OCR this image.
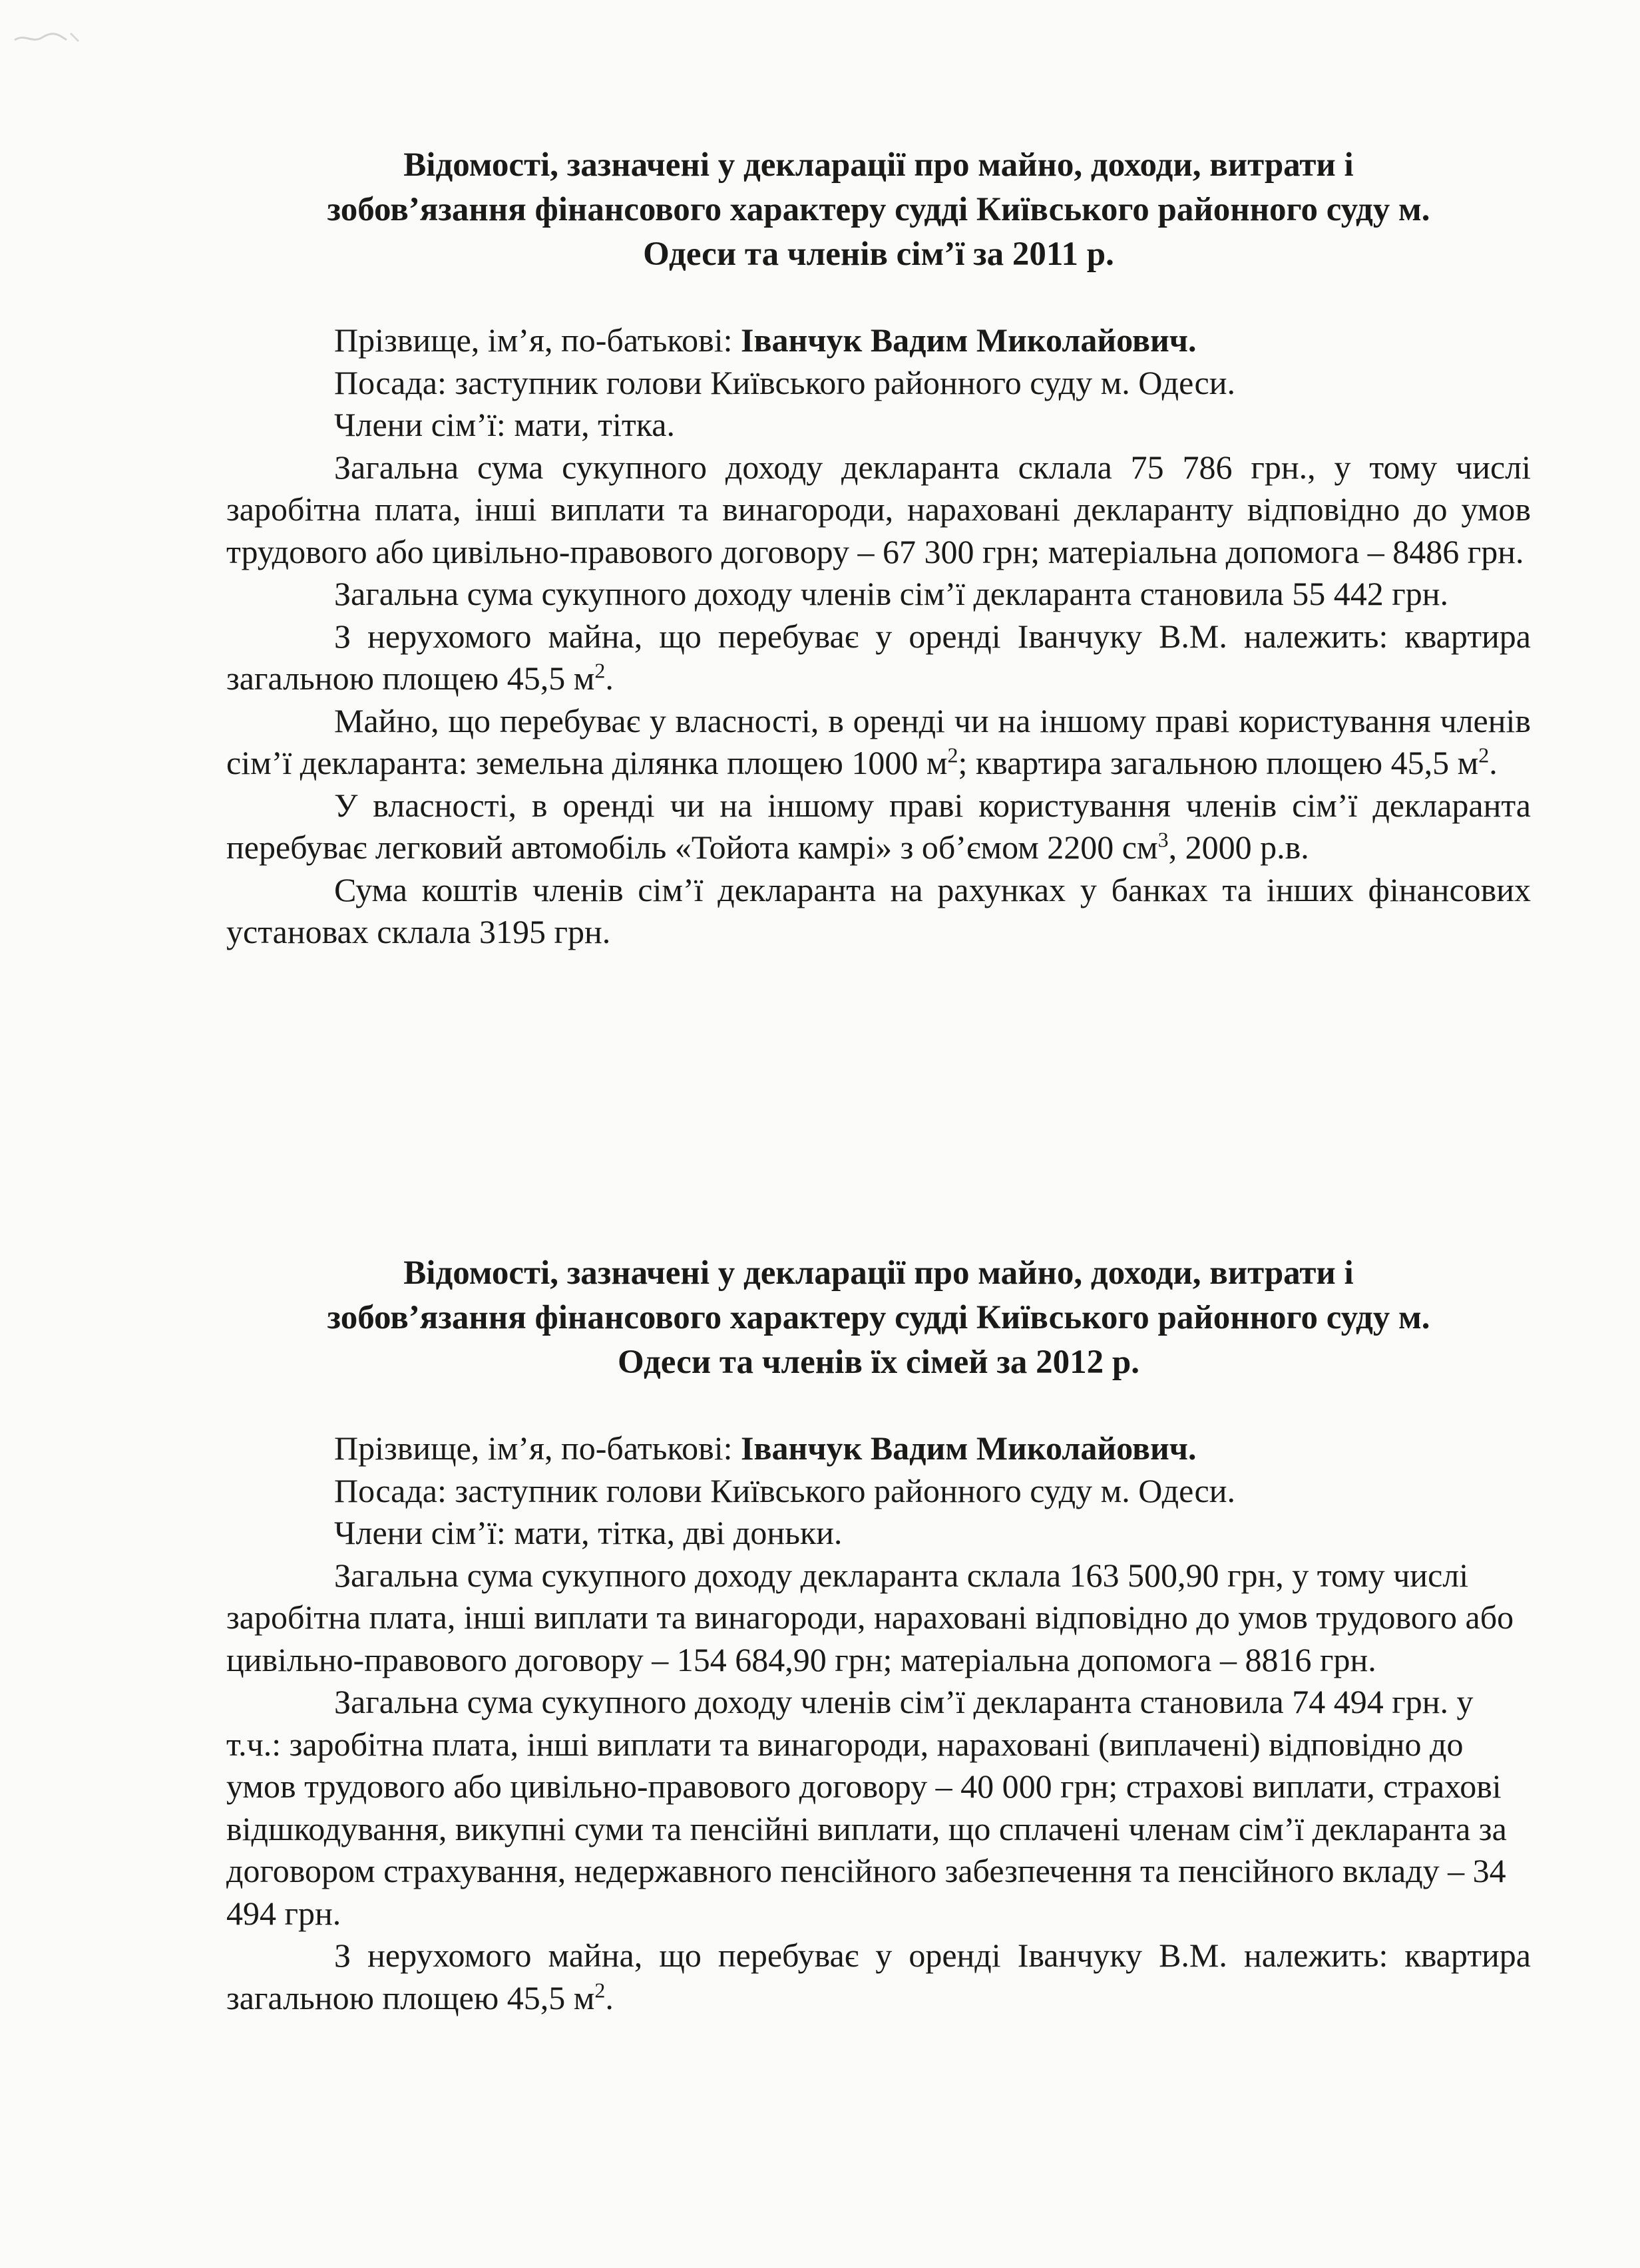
Відомості, зазначені у декларації про майно, доходи, витрати і
зобов’язання фінансового характеру судді Київського районного суду м.
Одеси та членів сім’ї за 2011 р.

Прізвище, ім’я, по-батькові: Іванчук Вадим Миколайович.

Посада: заступник голови Київського районного суду м. Одеси.

Члени сім’ї: мати, тітка.

Загальна сума сукупного доходу декларанта склала 75 786 грн., у тому числі заробітна плата, інші виплати та винагороди, нараховані декларанту відповідно до умов трудового або цивільно-правового договору – 67 300 грн; матеріальна допомога – 8486 грн.

Загальна сума сукупного доходу членів сім’ї декларанта становила 55 442 грн.

З нерухомого майна, що перебуває у оренді Іванчуку В.М. належить: квартира загальною площею 45,5 $м^2$.

Майно, що перебуває у власності, в оренді чи на іншому праві користування членів сім’ї декларанта: земельна ділянка площею 1000 $м^2$; квартира загальною площею 45,5 $м^2$.

У власності, в оренді чи на іншому праві користування членів сім’ї декларанта перебуває легковий автомобіль «Тойота камрі» з об’ємом 2200 $см^3$, 2000 р.в.

Сума коштів членів сім’ї декларанта на рахунках у банках та інших фінансових установах склала 3195 грн.

Відомості, зазначені у декларації про майно, доходи, витрати і
зобов’язання фінансового характеру судді Київського районного суду м.
Одеси та членів їх сімей за 2012 р.

Прізвище, ім’я, по-батькові: Іванчук Вадим Миколайович.

Посада: заступник голови Київського районного суду м. Одеси.

Члени сім’ї: мати, тітка, дві доньки.

Загальна сума сукупного доходу декларанта склала 163 500,90 грн, у тому числі заробітна плата, інші виплати та винагороди, нараховані відповідно до умов трудового або цивільно-правового договору – 154 684,90 грн; матеріальна допомога – 8816 грн.

Загальна сума сукупного доходу членів сім’ї декларанта становила 74 494 грн. у т.ч.: заробітна плата, інші виплати та винагороди, нараховані (виплачені) відповідно до умов трудового або цивільно-правового договору – 40 000 грн; страхові виплати, страхові відшкодування, викупні суми та пенсійні виплати, що сплачені членам сім’ї декларанта за договором страхування, недержавного пенсійного забезпечення та пенсійного вкладу – 34 494 грн.

З нерухомого майна, що перебуває у оренді Іванчуку В.М. належить: квартира загальною площею 45,5 $м^2$.
